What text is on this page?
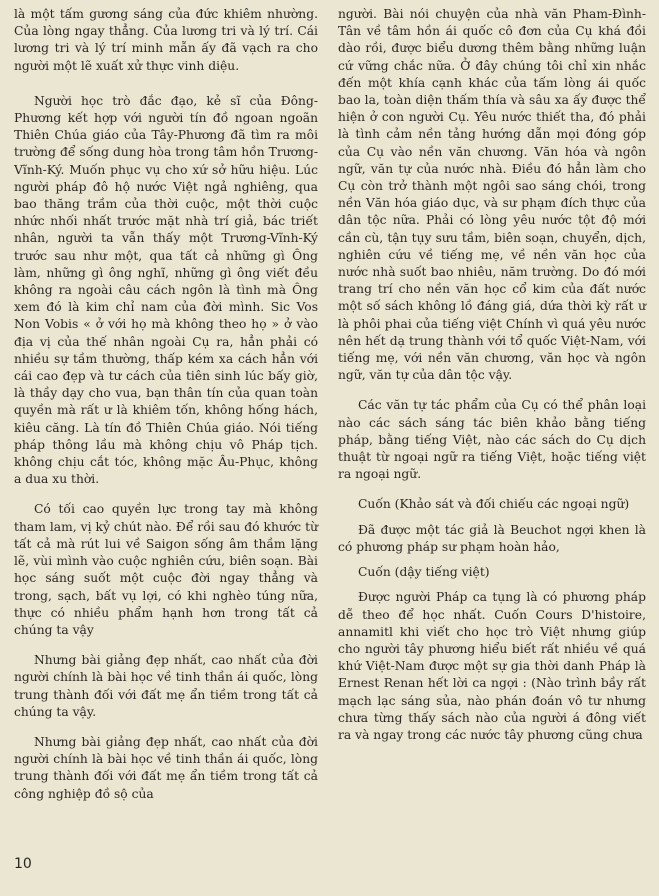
là một tấm gương sáng của đức khiêm nhường. Của lòng ngay thẳng. Của lương tri và lý trí. Cái lương tri và lý trí minh mẫn ấy đã vạch ra cho người một lẽ xuất xử thực vinh diệu.

Người học trò đắc đạo, kẻ sĩ của Đông-Phương kết hợp với người tín đồ ngoan ngoãn Thiên Chúa giáo của Tây-Phương đã tìm ra môi trường để sống dung hòa trong tâm hồn Trương-Vĩnh-Ký. Muốn phục vụ cho xứ sở hữu hiệu. Lúc người pháp đô hộ nước Việt ngả nghiêng, qua bao thăng trầm của thời cuộc, một thời cuộc nhức nhối nhất trước mặt nhà trí giả, bác triết nhân, người ta vẫn thấy một Trương-Vĩnh-Ký trước sau như một, qua tất cả những gì Ông làm, những gì ông nghĩ, những gì ông viết đều không ra ngoài câu cách ngôn là tình mà Ông xem đó là kim chỉ nam của đời mình. Sic Vos Non Vobis « ở với họ mà không theo họ » ở vào địa vị của thế nhân ngoài Cụ ra, hẳn phải có nhiều sự tầm thường, thấp kém xa cách hẳn với cái cao đẹp và tư cách của tiên sinh lúc bấy giờ, là thầy dạy cho vua, bạn thân tín của quan toàn quyền mà rất ư là khiêm tốn, không hống hách, kiêu căng. Là tín đồ Thiên Chúa giáo. Nói tiếng pháp thông lầu mà không chịu vô Pháp tịch. không chịu cắt tóc, không mặc Âu-Phục, không a dua xu thời.

Có tối cao quyền lực trong tay mà không tham lam, vị kỷ chút nào. Để rồi sau đó khước từ tất cả mà rút lui về Saigon sống âm thầm lặng lẽ, vùi mình vào cuộc nghiên cứu, biên soạn. Bài học sáng suốt một cuộc đời ngay thẳng và trong, sạch, bất vụ lợi, có khi nghèo túng nữa, thực có nhiều phẩm hạnh hơn trong tất cả chúng ta vậy

Nhưng bài giảng đẹp nhất, cao nhất của đời người chính là bài học về tinh thần ái quốc, lòng trung thành đối với đất mẹ ẩn tiềm trong tất cả chúng ta vậy.

Nhưng bài giảng đẹp nhất, cao nhất của đời người chính là bài học về tinh thần ái quốc, lòng trung thành đối với đất mẹ ẩn tiềm trong tất cả công nghiệp đồ sộ của

người. Bài nói chuyện của nhà văn Pham-Đình-Tân về tâm hồn ái quốc cô đơn của Cụ khá đồi dào rồi, được biểu dương thêm bằng những luận cứ vững chắc nữa. Ở đây chúng tôi chỉ xin nhắc đến một khía cạnh khác của tấm lòng ái quốc bao la, toàn diện thấm thía và sâu xa ấy được thể hiện ở con người Cụ. Yêu nước thiết tha, đó phải là tình cảm nền tảng hướng dẫn mọi đóng góp của Cụ vào nền văn chương. Văn hóa và ngôn ngữ, văn tự của nước nhà. Điều đó hẳn làm cho Cụ còn trở thành một ngôi sao sáng chói, trong nền Văn hóa giáo dục, và sư phạm đích thực của dân tộc nữa. Phải có lòng yêu nước tột độ mới cần cù, tận tụy sưu tầm, biên soạn, chuyển, dịch, nghiên cứu về tiếng mẹ, về nền văn học của nước nhà suốt bao nhiêu, năm trường. Do đó mới trang trí cho nền văn học cổ kim của đất nước một số sách không lồ đáng giá, dứa thời kỳ rất ư là phôi phai của tiếng việt Chính vì quá yêu nước nên hết dạ trung thành với tổ quốc Việt-Nam, với tiếng mẹ, với nền văn chương, văn học và ngôn ngữ, văn tự của dân tộc vậy.

Các văn tự tác phẩm của Cụ có thể phân loại nào các sách sáng tác biên khảo bằng tiếng pháp, bằng tiếng Việt, nào các sách do Cụ dịch thuật từ ngoại ngữ ra tiếng Việt, hoặc tiếng việt ra ngoại ngữ.

Cuốn (Khảo sát và đối chiếu các ngoại ngữ)

Đã được một tác giả là Beuchot ngợi khen là có phương pháp sư phạm hoàn hảo,

Cuốn (dậy tiếng việt)

Được người Pháp ca tụng là có phương pháp dễ theo để học nhất. Cuốn Cours D'histoire, annamitl khi viết cho học trò Việt nhưng giúp cho người tây phương hiểu biết rất nhiều về quá khứ Việt-Nam được một sự gia thời danh Pháp là Ernest Renan hết lời ca ngợi : (Nào trình bầy rất mạch lạc sáng sủa, nào phán đoán vô tư nhưng chưa từng thấy sách nào của người á đông viết ra và ngay trong các nước tây phương cũng chưa

10
